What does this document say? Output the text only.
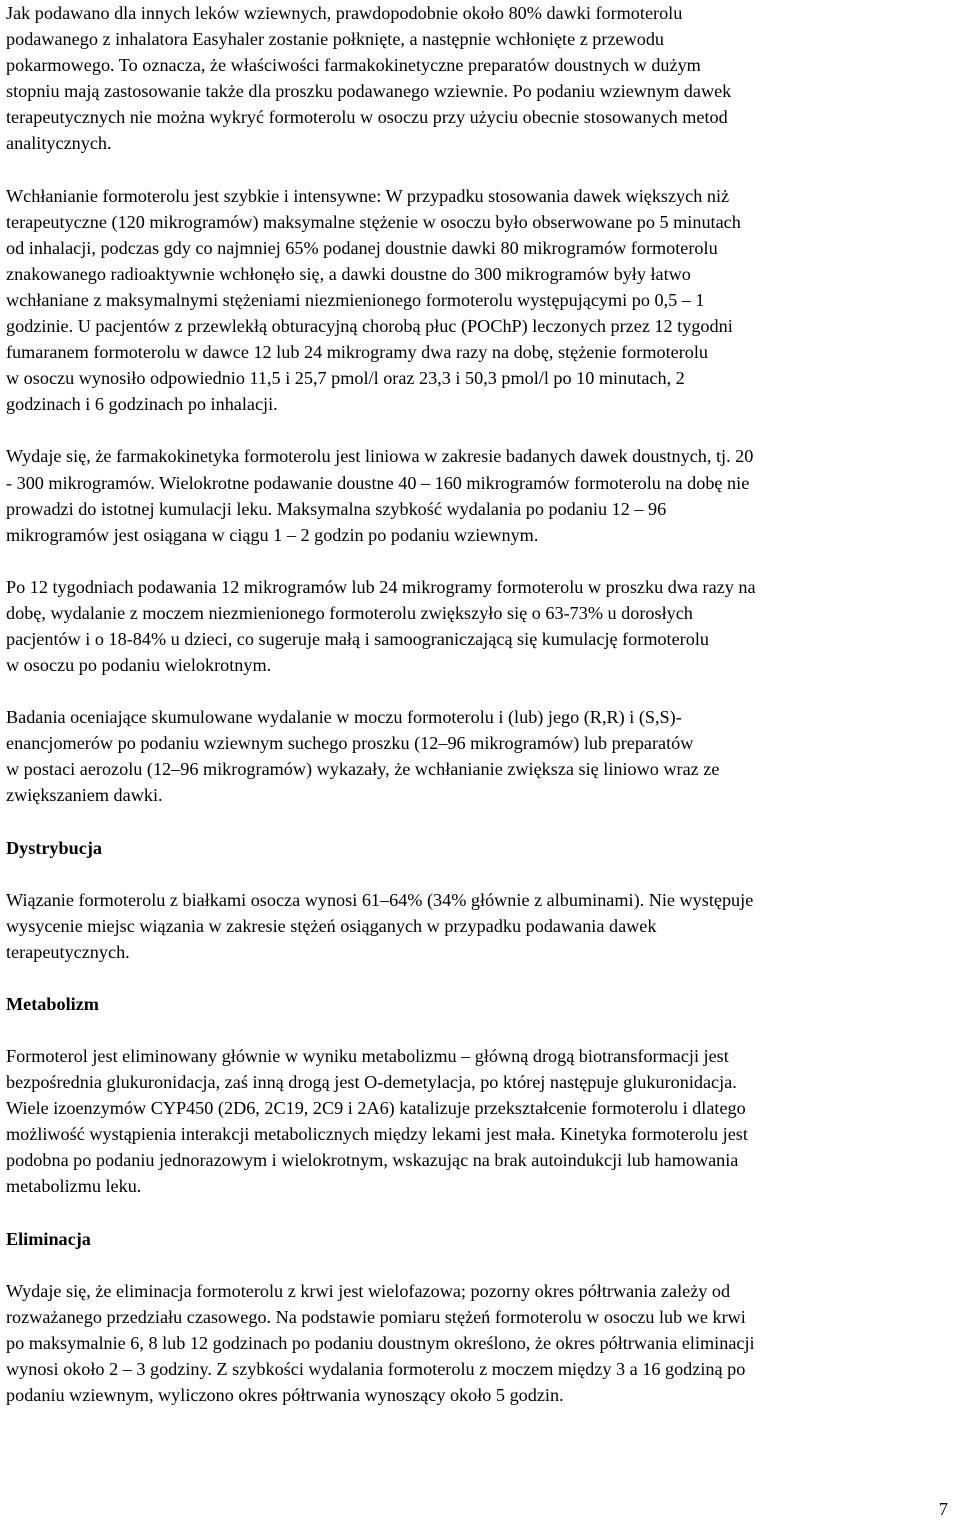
Jak podawano dla innych leków wziewnych, prawdopodobnie około 80% dawki formoterolu
podawanego z inhalatora Easyhaler zostanie połknięte, a następnie wchłonięte z przewodu
pokarmowego. To oznacza, że właściwości farmakokinetyczne preparatów doustnych w dużym
stopniu mają zastosowanie także dla proszku podawanego wziewnie. Po podaniu wziewnym dawek
terapeutycznych nie można wykryć formoterolu w osoczu przy użyciu obecnie stosowanych metod
analitycznych.

Wchłanianie formoterolu jest szybkie i intensywne: W przypadku stosowania dawek większych niż
terapeutyczne (120 mikrogramów) maksymalne stężenie w osoczu było obserwowane po 5 minutach
od inhalacji, podczas gdy co najmniej 65% podanej doustnie dawki 80 mikrogramów formoterolu
znakowanego radioaktywnie wchłonęło się, a dawki doustne do 300 mikrogramów były łatwo
wchłaniane z maksymalnymi stężeniami niezmienionego formoterolu występującymi po 0,5 – 1
godzinie. U pacjentów z przewlekłą obturacyjną chorobą płuc (POChP) leczonych przez 12 tygodni
fumaranem formoterolu w dawce 12 lub 24 mikrogramy dwa razy na dobę, stężenie formoterolu
w osoczu wynosiło odpowiednio 11,5 i 25,7 pmol/l oraz 23,3 i 50,3 pmol/l po 10 minutach, 2
godzinach i 6 godzinach po inhalacji.

Wydaje się, że farmakokinetyka formoterolu jest liniowa w zakresie badanych dawek doustnych, tj. 20
- 300 mikrogramów. Wielokrotne podawanie doustne 40 – 160 mikrogramów formoterolu na dobę nie
prowadzi do istotnej kumulacji leku. Maksymalna szybkość wydalania po podaniu 12 – 96
mikrogramów jest osiągana w ciągu 1 – 2 godzin po podaniu wziewnym.

Po 12 tygodniach podawania 12 mikrogramów lub 24 mikrogramy formoterolu w proszku dwa razy na
dobę, wydalanie z moczem niezmienionego formoterolu zwiększyło się o 63-73% u dorosłych
pacjentów i o 18-84% u dzieci, co sugeruje małą i samoograniczającą się kumulację formoterolu
w osoczu po podaniu wielokrotnym.

Badania oceniające skumulowane wydalanie w moczu formoterolu i (lub) jego (R,R) i (S,S)-
enancjomerów po podaniu wziewnym suchego proszku (12–96 mikrogramów) lub preparatów
w postaci aerozolu (12–96 mikrogramów) wykazały, że wchłanianie zwiększa się liniowo wraz ze
zwiększaniem dawki.

Dystrybucja

Wiązanie formoterolu z białkami osocza wynosi 61–64% (34% głównie z albuminami). Nie występuje
wysycenie miejsc wiązania w zakresie stężeń osiąganych w przypadku podawania dawek
terapeutycznych.

Metabolizm

Formoterol jest eliminowany głównie w wyniku metabolizmu – główną drogą biotransformacji jest
bezpośrednia glukuronidacja, zaś inną drogą jest O-demetylacja, po której następuje glukuronidacja.
Wiele izoenzymów CYP450 (2D6, 2C19, 2C9 i 2A6) katalizuje przekształcenie formoterolu i dlatego
możliwość wystąpienia interakcji metabolicznych między lekami jest mała. Kinetyka formoterolu jest
podobna po podaniu jednorazowym i wielokrotnym, wskazując na brak autoindukcji lub hamowania
metabolizmu leku.

Eliminacja

Wydaje się, że eliminacja formoterolu z krwi jest wielofazowa; pozorny okres półtrwania zależy od
rozważanego przedziału czasowego. Na podstawie pomiaru stężeń formoterolu w osoczu lub we krwi
po maksymalnie 6, 8 lub 12 godzinach po podaniu doustnym określono, że okres półtrwania eliminacji
wynosi około 2 – 3 godziny. Z szybkości wydalania formoterolu z moczem między 3 a 16 godziną po
podaniu wziewnym, wyliczono okres półtrwania wynoszący około 5 godzin.

7
